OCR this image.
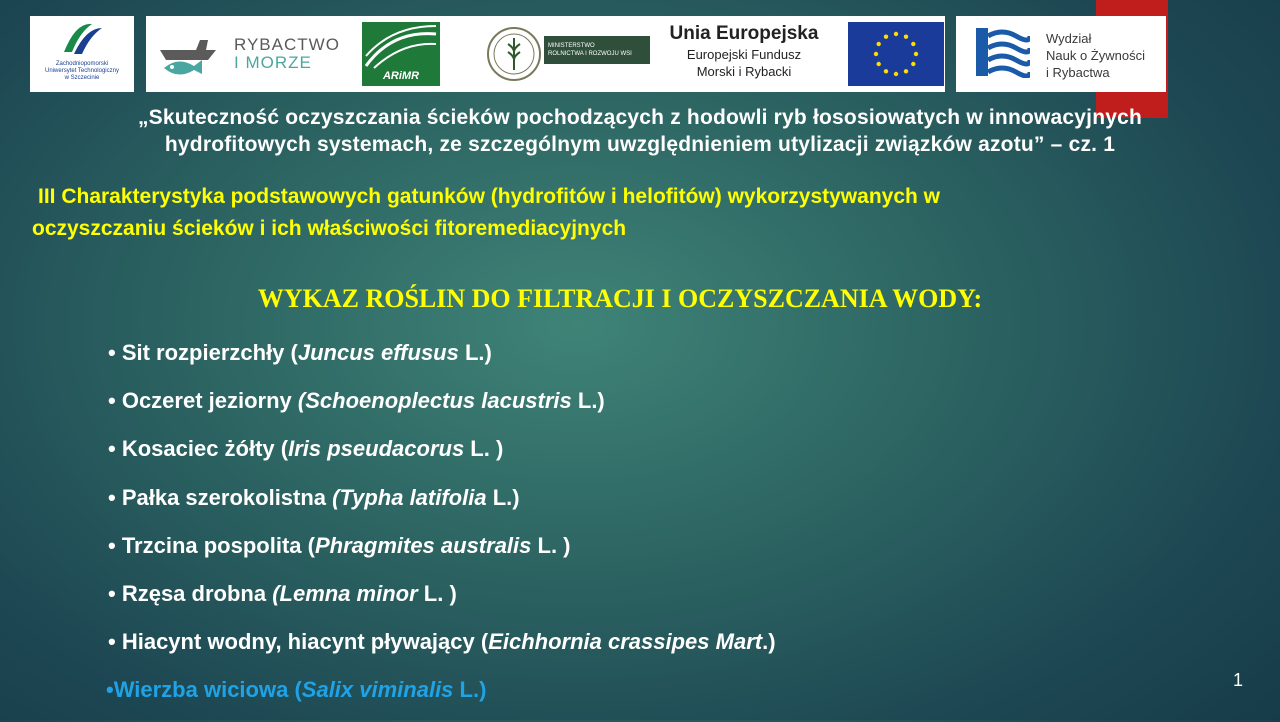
Zachodniopomorski
Uniwersytet Technologiczny
w Szczecinie
RYBACTWO
I MORZE
ARiMR
MINISTERSTWO
ROLNICTWA I ROZWOJU WSI
Unia Europejska
Europejski Fundusz
Morski i Rybacki
Wydział
Nauk o Żywności
i Rybactwa
„Skuteczność oczyszczania ścieków pochodzących z hodowli ryb łososiowatych w innowacyjnych
hydrofitowych systemach, ze szczególnym uwzględnieniem utylizacji związków azotu” – cz. 1
III Charakterystyka podstawowych gatunków (hydrofitów i helofitów) wykorzystywanych w
oczyszczaniu ścieków i ich właściwości fitoremediacyjnych
WYKAZ ROŚLIN DO FILTRACJI I OCZYSZCZANIA WODY:
• Sit rozpierzchły (Juncus effusus L.)
• Oczeret jeziorny (Schoenoplectus lacustris L.)
• Kosaciec żółty (Iris pseudacorus L. )
• Pałka szerokolistna (Typha latifolia L.)
• Trzcina pospolita (Phragmites australis L. )
• Rzęsa drobna (Lemna minor L. )
• Hiacynt wodny, hiacynt pływający (Eichhornia crassipes Mart.)
•Wierzba wiciowa (Salix viminalis L.)	1
